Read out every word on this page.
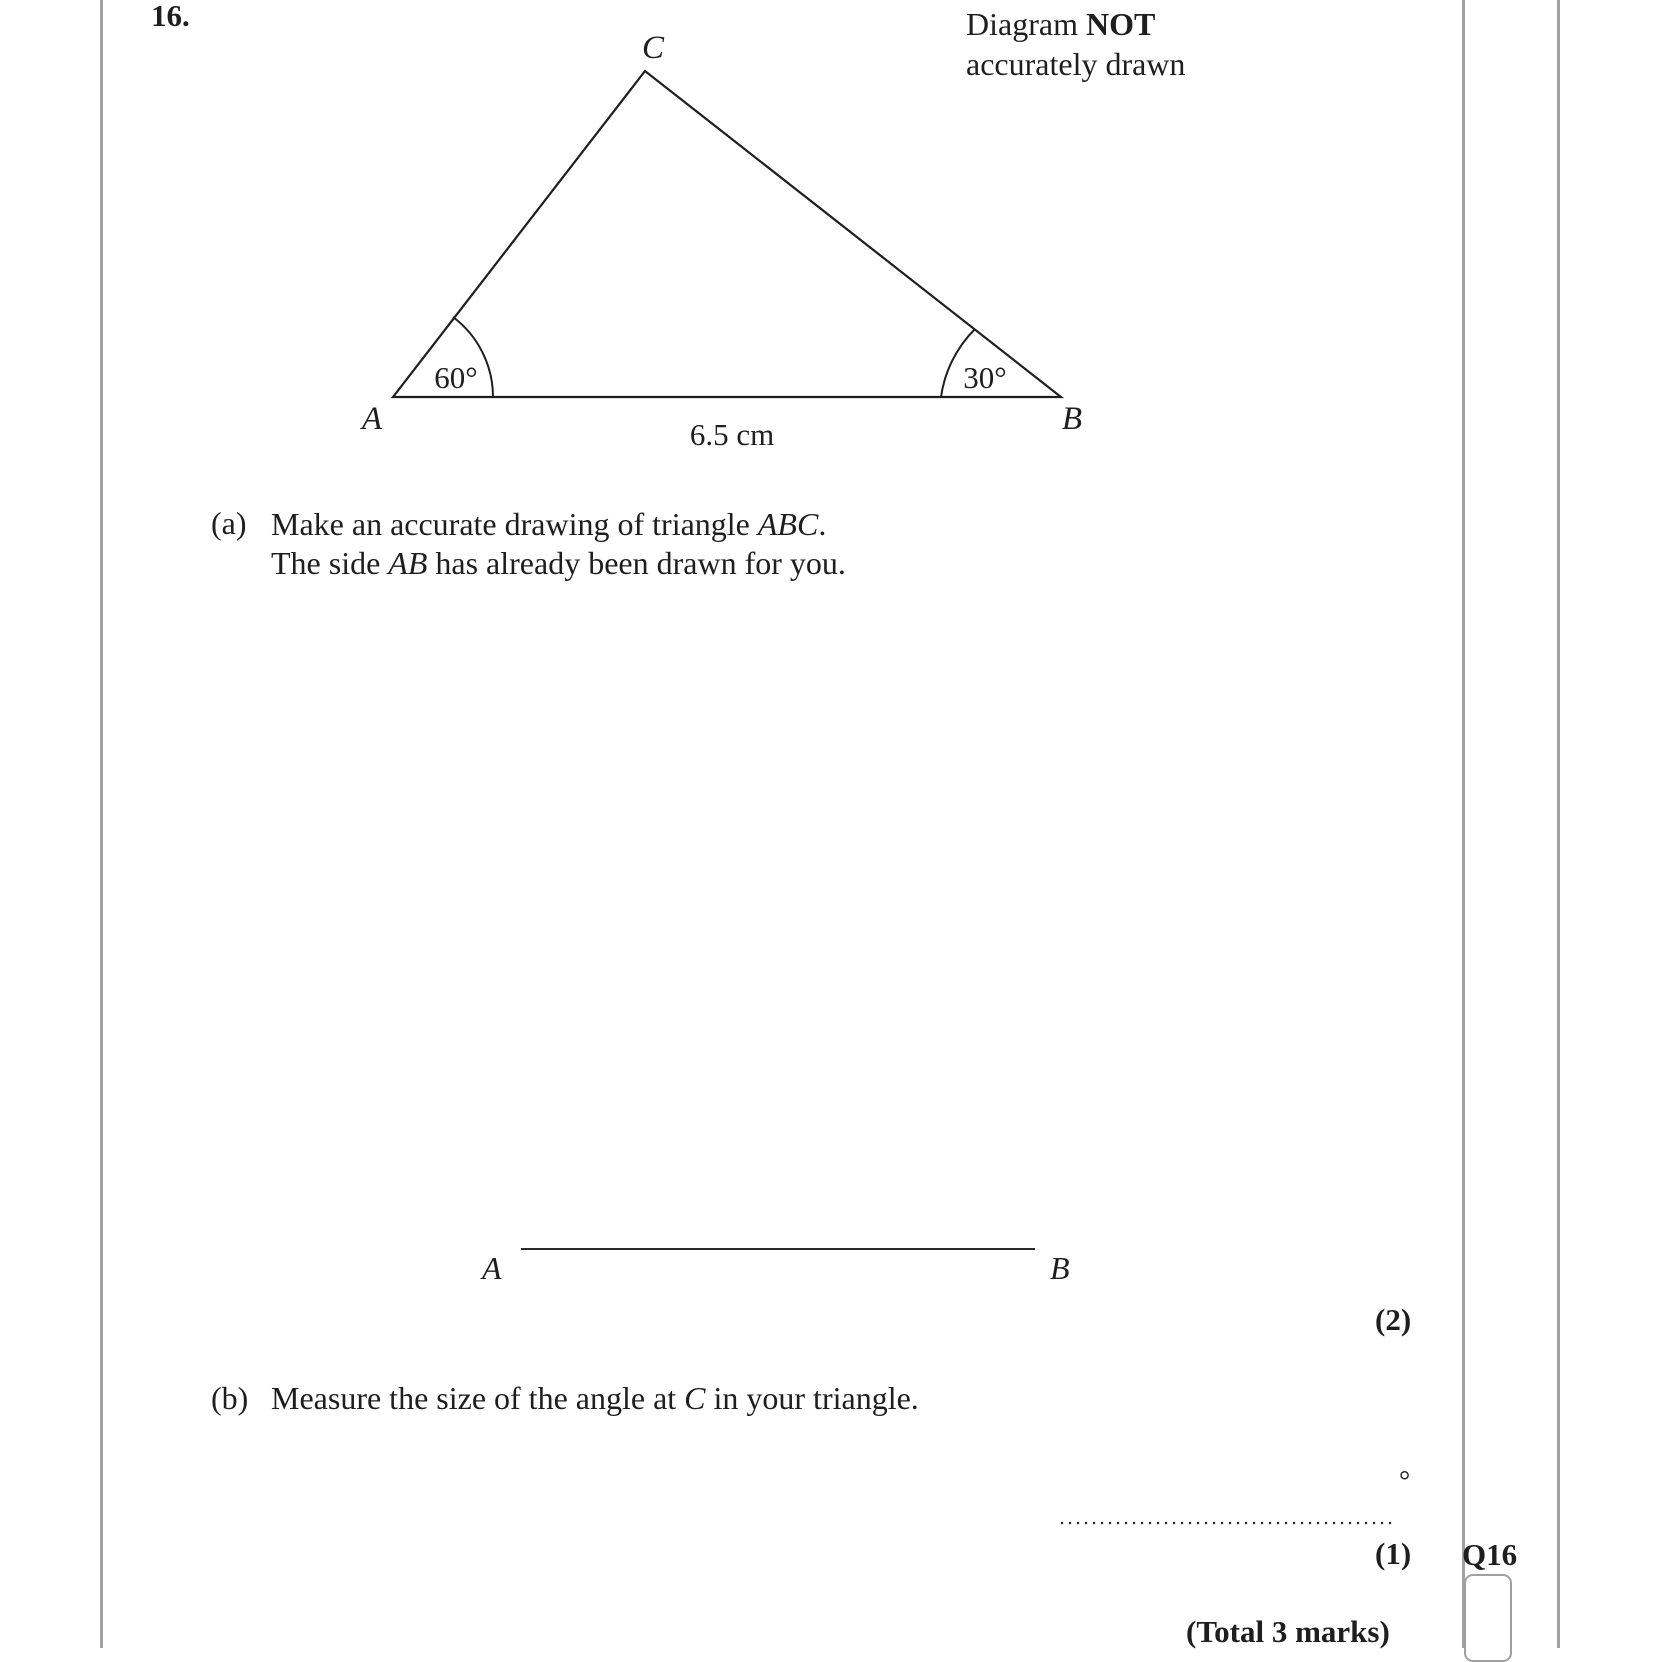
16.	Diagram NOT
accurately drawn
C
A	B
60°	30°
6.5 cm
(a) Make an accurate drawing of triangle ABC.
The side AB has already been drawn for you.
A	B
(2)
(b) Measure the size of the angle at C in your triangle.
°
(1) Q16
(Total 3 marks)
